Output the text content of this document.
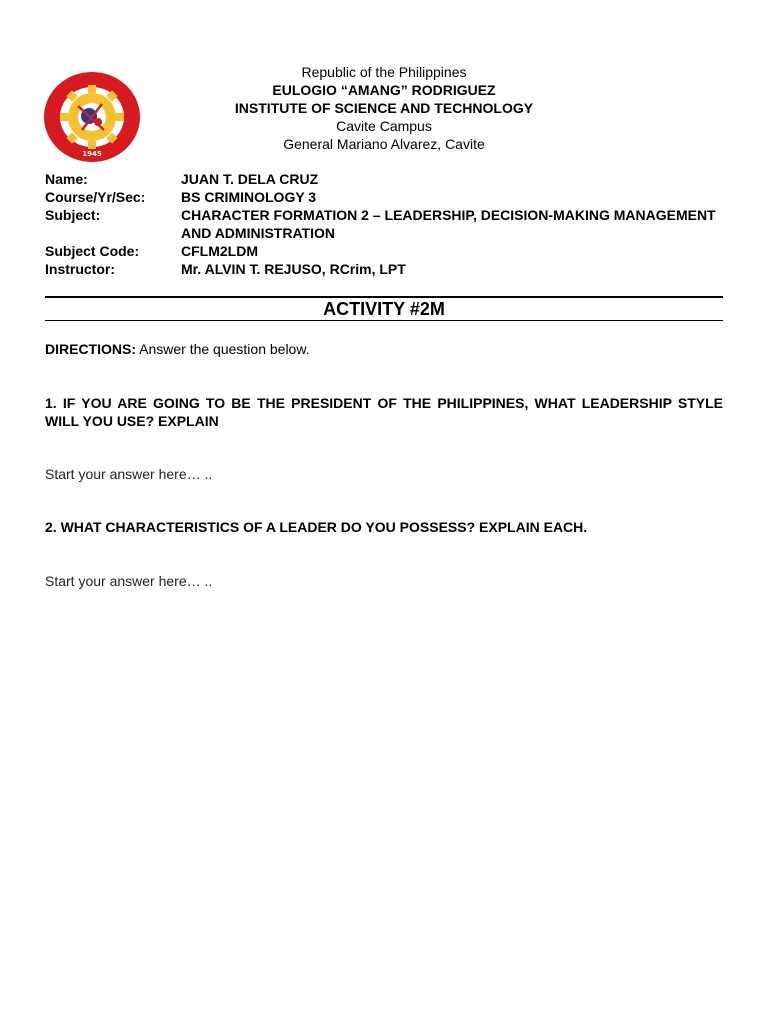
1945
Republic of the Philippines
EULOGIO “AMANG” RODRIGUEZ
INSTITUTE OF SCIENCE AND TECHNOLOGY
Cavite Campus
General Mariano Alvarez, Cavite
Name:	JUAN T. DELA CRUZ
Course/Yr/Sec:	BS CRIMINOLOGY 3
Subject:	CHARACTER FORMATION 2 – LEADERSHIP, DECISION-MAKING MANAGEMENT AND ADMINISTRATION
Subject Code:	CFLM2LDM
Instructor:	Mr. ALVIN T. REJUSO, RCrim, LPT
ACTIVITY #2M
DIRECTIONS: Answer the question below.
1. IF YOU ARE GOING TO BE THE PRESIDENT OF THE PHILIPPINES, WHAT LEADERSHIP STYLE WILL YOU USE? EXPLAIN
Start your answer here… ..
2. WHAT CHARACTERISTICS OF A LEADER DO YOU POSSESS? EXPLAIN EACH.
Start your answer here… ..
